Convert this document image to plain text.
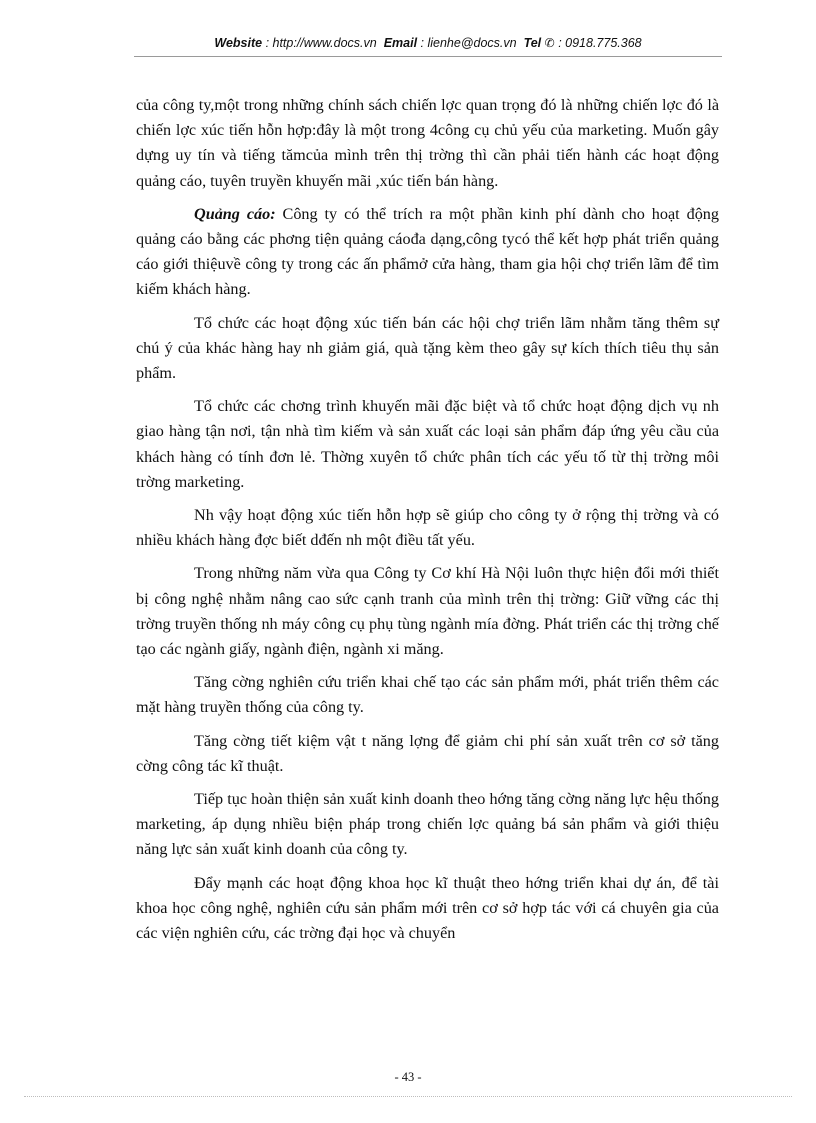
Website : http://www.docs.vn Email : lienhe@docs.vn Tel ✆ : 0918.775.368

của công ty,một trong những chính sách chiến lợc quan trọng đó là những chiến lợc đó là chiến lợc xúc tiến hỗn hợp:đây là một trong 4công cụ chủ yếu của marketing. Muốn gây dựng uy tín và tiếng tămcủa mình trên thị trờng thì cần phải tiến hành các hoạt động quảng cáo, tuyên truyền khuyến mãi ,xúc tiến bán hàng.

Quảng cáo: Công ty có thể trích ra một phần kinh phí dành cho hoạt động quảng cáo bằng các phơng tiện quảng cáođa dạng,công tycó thể kết hợp phát triển quảng cáo giới thiệuvề công ty trong các ấn phẩmở cửa hàng, tham gia hội chợ triển lãm để tìm kiếm khách hàng.

Tổ chức các hoạt động xúc tiến bán các hội chợ triển lãm nhằm tăng thêm sự chú ý của khác hàng hay nh giảm giá, quà tặng kèm theo gây sự kích thích tiêu thụ sản phẩm.

Tổ chức các chơng trình khuyến mãi đặc biệt và tổ chức hoạt động dịch vụ nh giao hàng tận nơi, tận nhà tìm kiếm và sản xuất các loại sản phẩm đáp ứng yêu cầu của khách hàng có tính đơn lẻ. Thờng xuyên tổ chức phân tích các yếu tố từ thị trờng môi trờng marketing.

Nh vậy hoạt động xúc tiến hỗn hợp sẽ giúp cho công ty ở rộng thị trờng và có nhiều khách hàng đợc biết dđến nh một điều tất yếu.

Trong những năm vừa qua Công ty Cơ khí Hà Nội luôn thực hiện đổi mới thiết bị công nghệ nhằm nâng cao sức cạnh tranh của mình trên thị trờng: Giữ vững các thị trờng truyền thống nh máy công cụ phụ tùng ngành mía đờng. Phát triển các thị trờng chế tạo các ngành giấy, ngành điện, ngành xi măng.

Tăng cờng nghiên cứu triển khai chế tạo các sản phẩm mới, phát triển thêm các mặt hàng truyền thống của công ty.

Tăng cờng tiết kiệm vật t năng lợng để giảm chi phí sản xuất trên cơ sở tăng cờng công tác kĩ thuật.

Tiếp tục hoàn thiện sản xuất kinh doanh theo hớng tăng cờng năng lực hệu thống marketing, áp dụng nhiều biện pháp trong chiến lợc quảng bá sản phẩm và giới thiệu năng lực sản xuất kinh doanh của công ty.

Đẩy mạnh các hoạt động khoa học kĩ thuật theo hớng triển khai dự án, để tài khoa học công nghệ, nghiên cứu sản phẩm mới trên cơ sở hợp tác với cá chuyên gia của các viện nghiên cứu, các trờng đại học và chuyển

- 43 -
